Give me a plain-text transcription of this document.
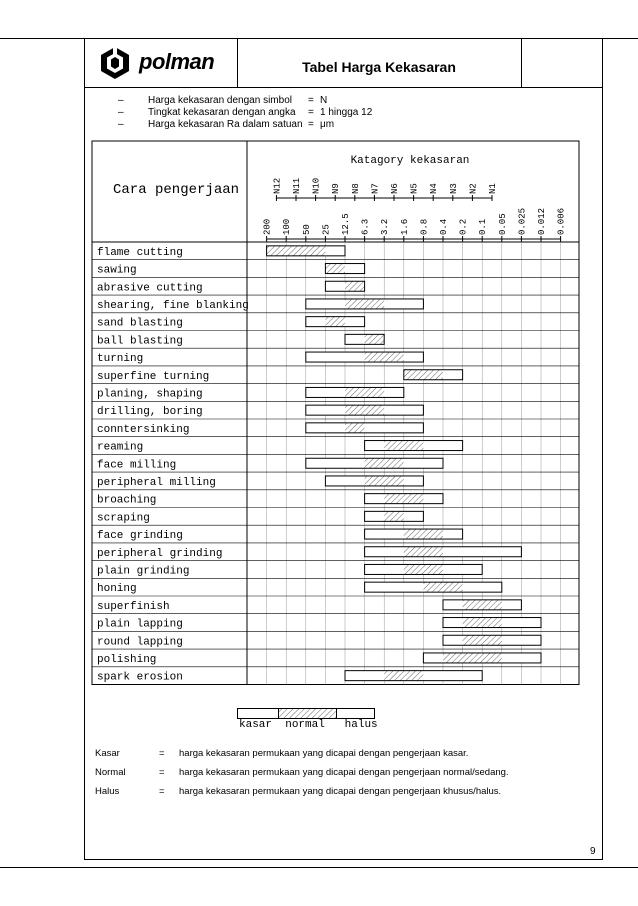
polman	Tabel Harga Kekasaran
– Harga kekasaran dengan simbol = N
– Tingkat kekasaran dengan angka = 1 hingga 12
– Harga kekasaran Ra dalam satuan = μm
Cara pengerjaan
Katagory kekasaran
N12 N11 N10 N9 N8 N7 N6 N5 N4 N3 N2 N1
200 100 50 25 12.5 6.3 3.2 1.6 0.8 0.4 0.2 0.1 0.05 0.025 0.012 0.006
flame cutting
sawing
abrasive cutting
shearing, fine blanking
sand blasting
ball blasting
turning
superfine turning
planing, shaping
drilling, boring
conntersinking
reaming
face milling
peripheral milling
broaching
scraping
face grinding
peripheral grinding
plain grinding
honing
superfinish
plain lapping
round lapping
polishing
spark erosion
kasar normal halus
Kasar	= harga kekasaran permukaan yang dicapai dengan pengerjaan kasar.
Normal	= harga kekasaran permukaan yang dicapai dengan pengerjaan normal/sedang.
Halus	= harga kekasaran permukaan yang dicapai dengan pengerjaan khusus/halus.
9
